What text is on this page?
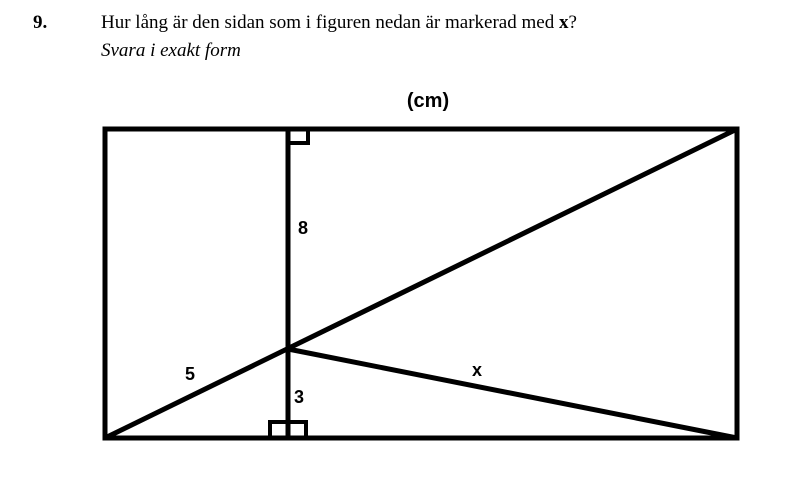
9.	Hur lång är den sidan som i figuren nedan är markerad med x?
Svara i exakt form
(cm)
8
3
5	x
